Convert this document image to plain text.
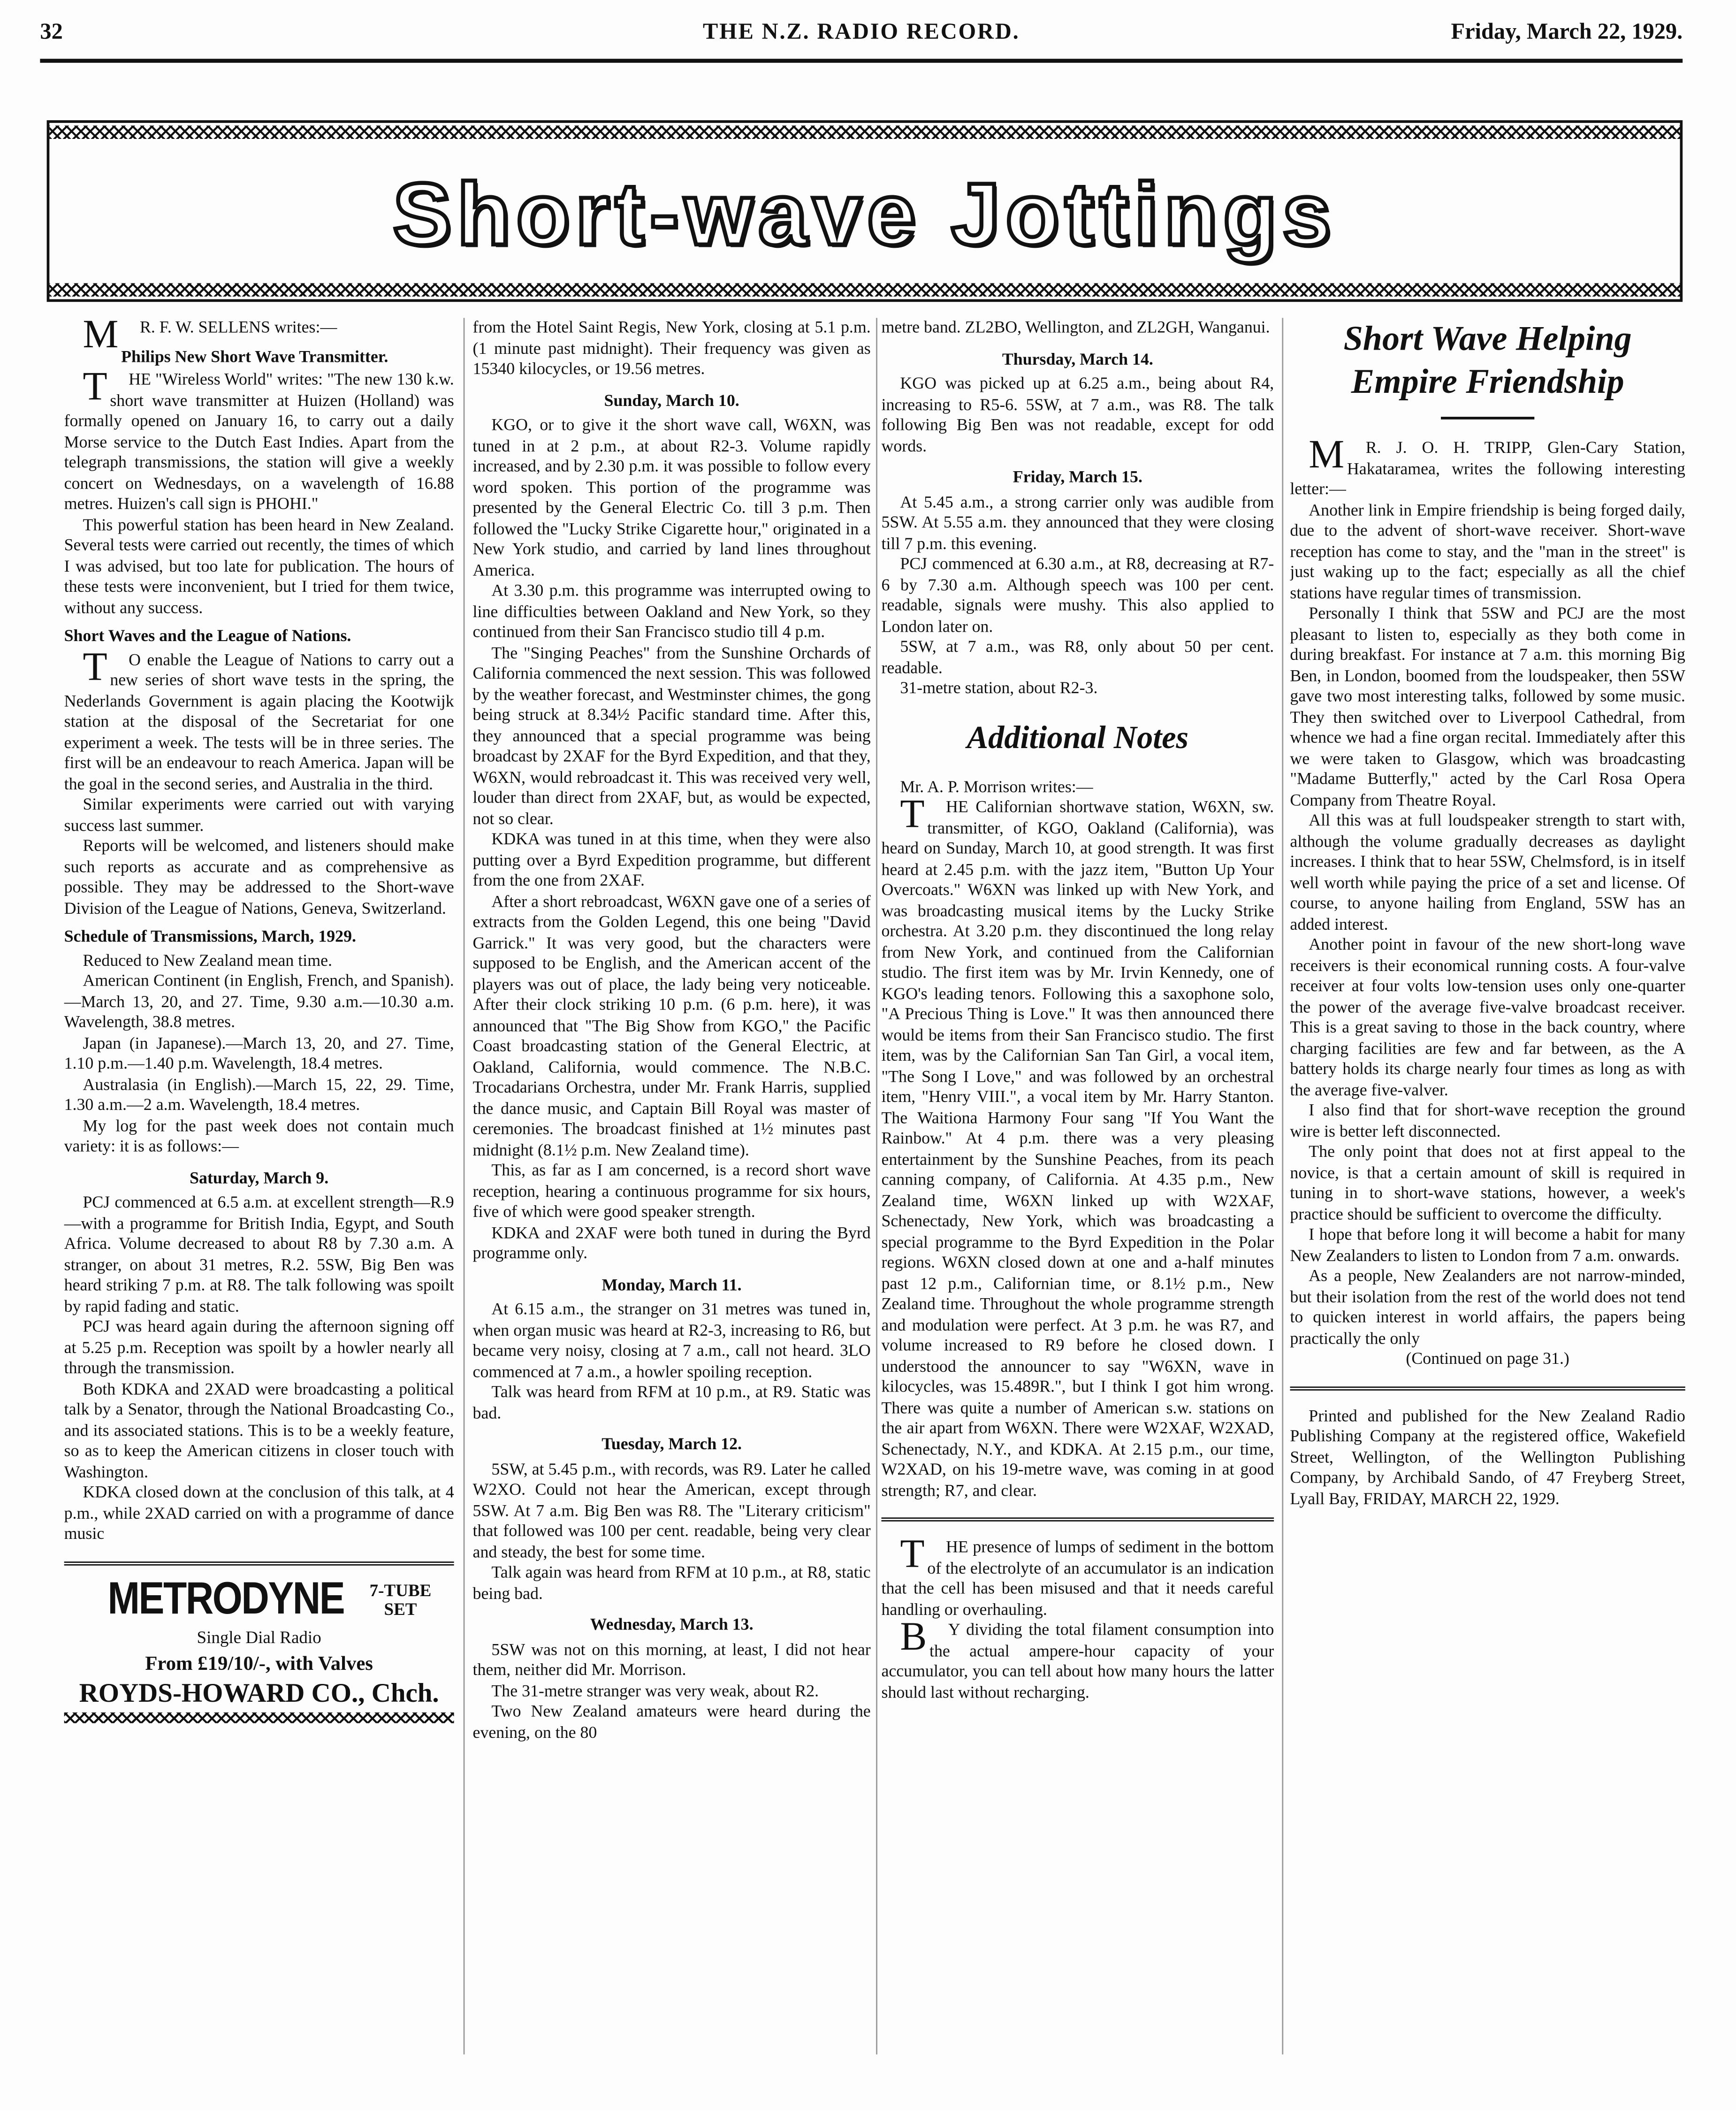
32	THE N.Z. RADIO RECORD.	Friday, March 22, 1929.
Short-wave Jottings

MR. F. W. SELLENS writes:—

Philips New Short Wave Transmitter.

THE "Wireless World" writes: "The new 130 k.w. short wave transmitter at Huizen (Holland) was formally opened on January 16, to carry out a daily Morse service to the Dutch East Indies. Apart from the telegraph transmissions, the station will give a weekly concert on Wednesdays, on a wavelength of 16.88 metres. Huizen's call sign is PHOHI."

This powerful station has been heard in New Zealand. Several tests were carried out recently, the times of which I was advised, but too late for publication. The hours of these tests were inconvenient, but I tried for them twice, without any success.

Short Waves and the League of Nations.

TO enable the League of Nations to carry out a new series of short wave tests in the spring, the Nederlands Government is again placing the Kootwijk station at the disposal of the Secretariat for one experiment a week. The tests will be in three series. The first will be an endeavour to reach America. Japan will be the goal in the second series, and Australia in the third.

Similar experiments were carried out with varying success last summer.

Reports will be welcomed, and listeners should make such reports as accurate and as comprehensive as possible. They may be addressed to the Short-wave Division of the League of Nations, Geneva, Switzerland.

Schedule of Transmissions, March, 1929.

Reduced to New Zealand mean time.

American Continent (in English, French, and Spanish).—March 13, 20, and 27. Time, 9.30 a.m.—10.30 a.m. Wavelength, 38.8 metres.

Japan (in Japanese).—March 13, 20, and 27. Time, 1.10 p.m.—1.40 p.m. Wavelength, 18.4 metres.

Australasia (in English).—March 15, 22, 29. Time, 1.30 a.m.—2 a.m. Wavelength, 18.4 metres.

My log for the past week does not contain much variety: it is as follows:—

Saturday, March 9.

PCJ commenced at 6.5 a.m. at excellent strength—R.9—with a programme for British India, Egypt, and South Africa. Volume decreased to about R8 by 7.30 a.m. A stranger, on about 31 metres, R.2. 5SW, Big Ben was heard striking 7 p.m. at R8. The talk following was spoilt by rapid fading and static.

PCJ was heard again during the afternoon signing off at 5.25 p.m. Reception was spoilt by a howler nearly all through the transmission.

Both KDKA and 2XAD were broadcasting a political talk by a Senator, through the National Broadcasting Co., and its associated stations. This is to be a weekly feature, so as to keep the American citizens in closer touch with Washington.

KDKA closed down at the conclusion of this talk, at 4 p.m., while 2XAD carried on with a programme of dance music

METRODYNE	7-TUBE
SET
Single Dial Radio
From £19/10/-, with Valves
ROYDS-HOWARD CO., Chch.

from the Hotel Saint Regis, New York, closing at 5.1 p.m. (1 minute past midnight). Their frequency was given as 15340 kilocycles, or 19.56 metres.

Sunday, March 10.

KGO, or to give it the short wave call, W6XN, was tuned in at 2 p.m., at about R2-3. Volume rapidly increased, and by 2.30 p.m. it was possible to follow every word spoken. This portion of the programme was presented by the General Electric Co. till 3 p.m. Then followed the "Lucky Strike Cigarette hour," originated in a New York studio, and carried by land lines throughout America.

At 3.30 p.m. this programme was interrupted owing to line difficulties between Oakland and New York, so they continued from their San Francisco studio till 4 p.m.

The "Singing Peaches" from the Sunshine Orchards of California commenced the next session. This was followed by the weather forecast, and Westminster chimes, the gong being struck at 8.34½ Pacific standard time. After this, they announced that a special programme was being broadcast by 2XAF for the Byrd Expedition, and that they, W6XN, would rebroadcast it. This was received very well, louder than direct from 2XAF, but, as would be expected, not so clear.

KDKA was tuned in at this time, when they were also putting over a Byrd Expedition programme, but different from the one from 2XAF.

After a short rebroadcast, W6XN gave one of a series of extracts from the Golden Legend, this one being "David Garrick." It was very good, but the characters were supposed to be English, and the American accent of the players was out of place, the lady being very noticeable. After their clock striking 10 p.m. (6 p.m. here), it was announced that "The Big Show from KGO," the Pacific Coast broadcasting station of the General Electric, at Oakland, California, would commence. The N.B.C. Trocadarians Orchestra, under Mr. Frank Harris, supplied the dance music, and Captain Bill Royal was master of ceremonies. The broadcast finished at 1½ minutes past midnight (8.1½ p.m. New Zealand time).

This, as far as I am concerned, is a record short wave reception, hearing a continuous programme for six hours, five of which were good speaker strength.

KDKA and 2XAF were both tuned in during the Byrd programme only.

Monday, March 11.

At 6.15 a.m., the stranger on 31 metres was tuned in, when organ music was heard at R2-3, increasing to R6, but became very noisy, closing at 7 a.m., call not heard. 3LO commenced at 7 a.m., a howler spoiling reception.

Talk was heard from RFM at 10 p.m., at R9. Static was bad.

Tuesday, March 12.

5SW, at 5.45 p.m., with records, was R9. Later he called W2XO. Could not hear the American, except through 5SW. At 7 a.m. Big Ben was R8. The "Literary criticism" that followed was 100 per cent. readable, being very clear and steady, the best for some time.

Talk again was heard from RFM at 10 p.m., at R8, static being bad.

Wednesday, March 13.

5SW was not on this morning, at least, I did not hear them, neither did Mr. Morrison.

The 31-metre stranger was very weak, about R2.

Two New Zealand amateurs were heard during the evening, on the 80

metre band. ZL2BO, Wellington, and ZL2GH, Wanganui.

Thursday, March 14.

KGO was picked up at 6.25 a.m., being about R4, increasing to R5-6. 5SW, at 7 a.m., was R8. The talk following Big Ben was not readable, except for odd words.

Friday, March 15.

At 5.45 a.m., a strong carrier only was audible from 5SW. At 5.55 a.m. they announced that they were closing till 7 p.m. this evening.

PCJ commenced at 6.30 a.m., at R8, decreasing at R7-6 by 7.30 a.m. Although speech was 100 per cent. readable, signals were mushy. This also applied to London later on.

5SW, at 7 a.m., was R8, only about 50 per cent. readable.

31-metre station, about R2-3.

Additional Notes

Mr. A. P. Morrison writes:—

THE Californian shortwave station, W6XN, sw. transmitter, of KGO, Oakland (California), was heard on Sunday, March 10, at good strength. It was first heard at 2.45 p.m. with the jazz item, "Button Up Your Overcoats." W6XN was linked up with New York, and was broadcasting musical items by the Lucky Strike orchestra. At 3.20 p.m. they discontinued the long relay from New York, and continued from the Californian studio. The first item was by Mr. Irvin Kennedy, one of KGO's leading tenors. Following this a saxophone solo, "A Precious Thing is Love." It was then announced there would be items from their San Francisco studio. The first item, was by the Californian San Tan Girl, a vocal item, "The Song I Love," and was followed by an orchestral item, "Henry VIII.", a vocal item by Mr. Harry Stanton. The Waitiona Harmony Four sang "If You Want the Rainbow." At 4 p.m. there was a very pleasing entertainment by the Sunshine Peaches, from its peach canning company, of California. At 4.35 p.m., New Zealand time, W6XN linked up with W2XAF, Schenectady, New York, which was broadcasting a special programme to the Byrd Expedition in the Polar regions. W6XN closed down at one and a-half minutes past 12 p.m., Californian time, or 8.1½ p.m., New Zealand time. Throughout the whole programme strength and modulation were perfect. At 3 p.m. he was R7, and volume increased to R9 before he closed down. I understood the announcer to say "W6XN, wave in kilocycles, was 15.489R.", but I think I got him wrong. There was quite a number of American s.w. stations on the air apart from W6XN. There were W2XAF, W2XAD, Schenectady, N.Y., and KDKA. At 2.15 p.m., our time, W2XAD, on his 19-metre wave, was coming in at good strength; R7, and clear.

THE presence of lumps of sediment in the bottom of the electrolyte of an accumulator is an indication that the cell has been misused and that it needs careful handling or overhauling.

BY dividing the total filament consumption into the actual ampere-hour capacity of your accumulator, you can tell about how many hours the latter should last without recharging.

Short Wave Helping Empire Friendship

MR. J. O. H. TRIPP, Glen-Cary Station, Hakataramea, writes the following interesting letter:—

Another link in Empire friendship is being forged daily, due to the advent of short-wave receiver. Short-wave reception has come to stay, and the "man in the street" is just waking up to the fact; especially as all the chief stations have regular times of transmission.

Personally I think that 5SW and PCJ are the most pleasant to listen to, especially as they both come in during breakfast. For instance at 7 a.m. this morning Big Ben, in London, boomed from the loudspeaker, then 5SW gave two most interesting talks, followed by some music. They then switched over to Liverpool Cathedral, from whence we had a fine organ recital. Immediately after this we were taken to Glasgow, which was broadcasting "Madame Butterfly," acted by the Carl Rosa Opera Company from Theatre Royal.

All this was at full loudspeaker strength to start with, although the volume gradually decreases as daylight increases. I think that to hear 5SW, Chelmsford, is in itself well worth while paying the price of a set and license. Of course, to anyone hailing from England, 5SW has an added interest.

Another point in favour of the new short-long wave receivers is their economical running costs. A four-valve receiver at four volts low-tension uses only one-quarter the power of the average five-valve broadcast receiver. This is a great saving to those in the back country, where charging facilities are few and far between, as the A battery holds its charge nearly four times as long as with the average five-valver.

I also find that for short-wave reception the ground wire is better left disconnected.

The only point that does not at first appeal to the novice, is that a certain amount of skill is required in tuning in to short-wave stations, however, a week's practice should be sufficient to overcome the difficulty.

I hope that before long it will become a habit for many New Zealanders to listen to London from 7 a.m. onwards.

As a people, New Zealanders are not narrow-minded, but their isolation from the rest of the world does not tend to quicken interest in world affairs, the papers being practically the only

(Continued on page 31.)

Printed and published for the New Zealand Radio Publishing Company at the registered office, Wakefield Street, Wellington, of the Wellington Publishing Company, by Archibald Sando, of 47 Freyberg Street, Lyall Bay, FRIDAY, MARCH 22, 1929.
